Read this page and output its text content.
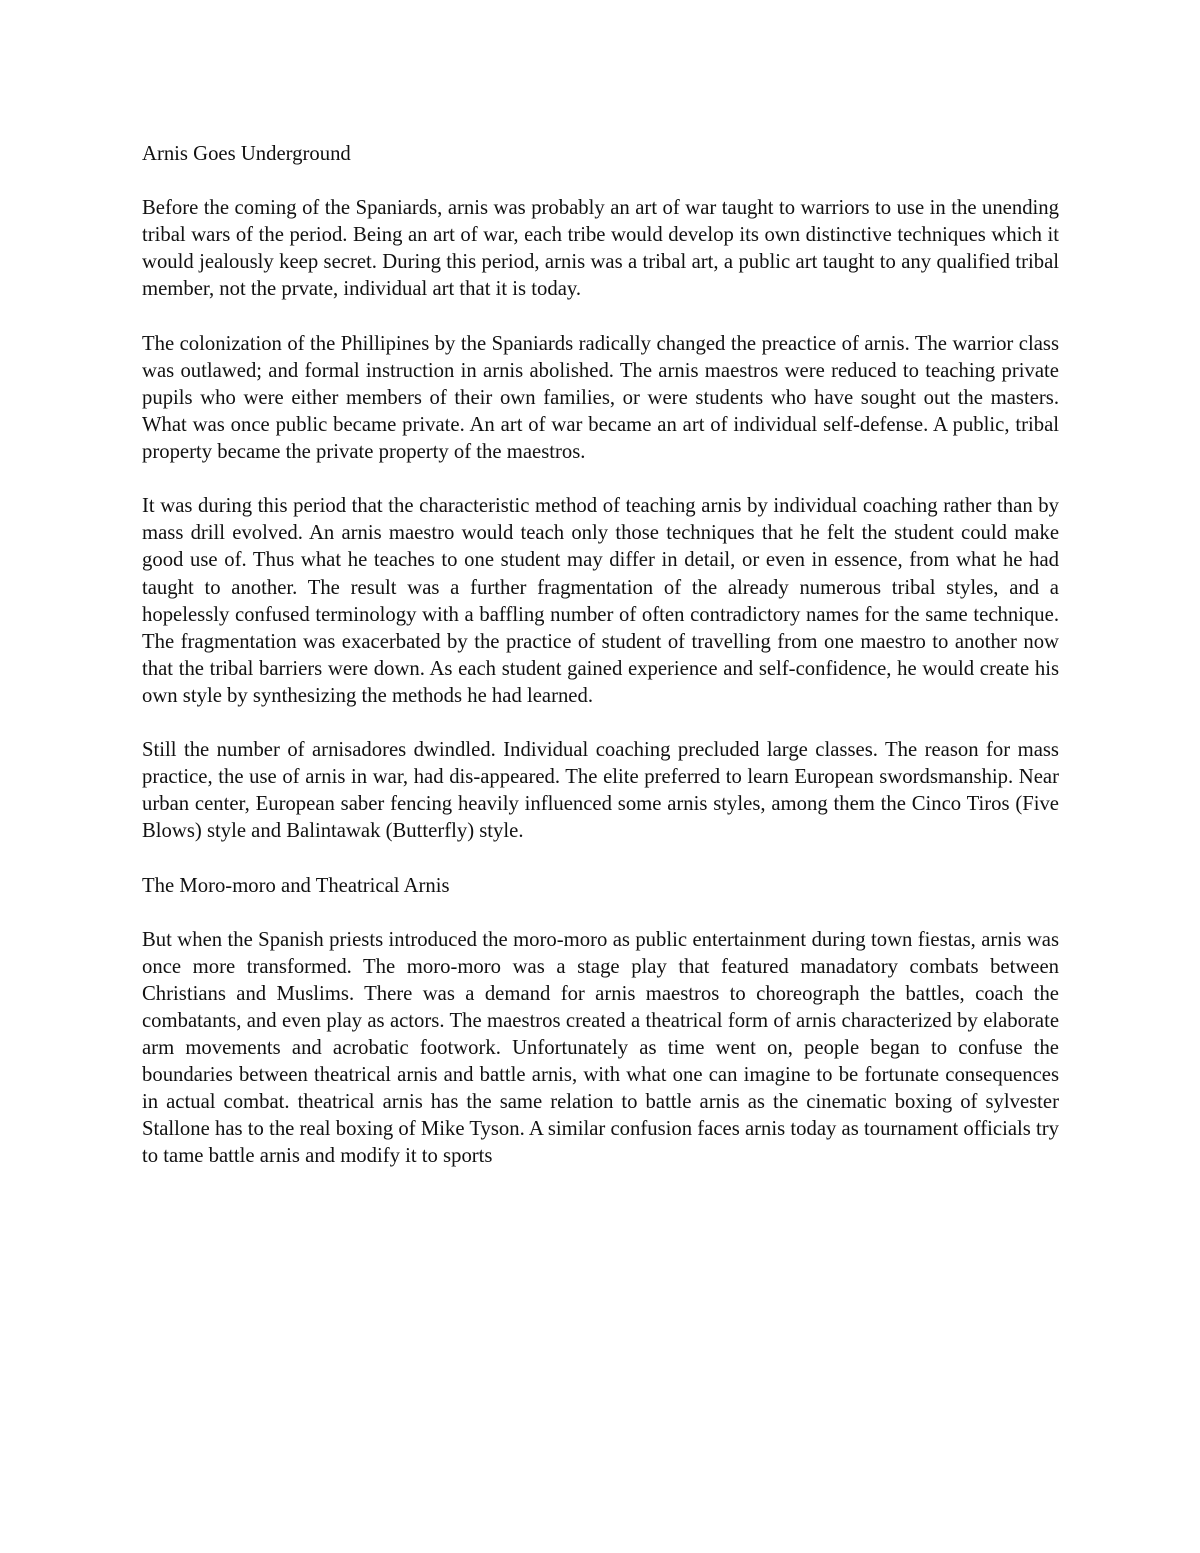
Arnis Goes Underground

Before the coming of the Spaniards, arnis was probably an art of war taught to warriors to use in the unending tribal wars of the period. Being an art of war, each tribe would develop its own distinctive techniques which it would jealously keep secret. During this period, arnis was a tribal art, a public art taught to any qualified tribal member, not the prvate, individual art that it is today.

The colonization of the Phillipines by the Spaniards radically changed the preactice of arnis. The warrior class was outlawed; and formal instruction in arnis abolished. The arnis maestros were reduced to teaching private pupils who were either members of their own families, or were students who have sought out the masters. What was once public became private. An art of war became an art of individual self-defense. A public, tribal property became the private property of the maestros.

It was during this period that the characteristic method of teaching arnis by individual coaching rather than by mass drill evolved. An arnis maestro would teach only those techniques that he felt the student could make good use of. Thus what he teaches to one student may differ in detail, or even in essence, from what he had taught to another. The result was a further fragmentation of the already numerous tribal styles, and a hopelessly confused terminology with a baffling number of often contradictory names for the same technique. The fragmentation was exacerbated by the practice of student of travelling from one maestro to another now that the tribal barriers were down. As each student gained experience and self-confidence, he would create his own style by synthesizing the methods he had learned.

Still the number of arnisadores dwindled. Individual coaching precluded large classes. The reason for mass practice, the use of arnis in war, had dis-appeared. The elite preferred to learn European swordsmanship. Near urban center, European saber fencing heavily influenced some arnis styles, among them the Cinco Tiros (Five Blows) style and Balintawak (Butterfly) style.

The Moro-moro and Theatrical Arnis

But when the Spanish priests introduced the moro-moro as public entertainment during town fiestas, arnis was once more transformed. The moro-moro was a stage play that featured manadatory combats between Christians and Muslims. There was a demand for arnis maestros to choreograph the battles, coach the combatants, and even play as actors. The maestros created a theatrical form of arnis characterized by elaborate arm movements and acrobatic footwork. Unfortunately as time went on, people began to confuse the boundaries between theatrical arnis and battle arnis, with what one can imagine to be fortunate consequences in actual combat. theatrical arnis has the same relation to battle arnis as the cinematic boxing of sylvester Stallone has to the real boxing of Mike Tyson. A similar confusion faces arnis today as tournament officials try to tame battle arnis and modify it to sports
